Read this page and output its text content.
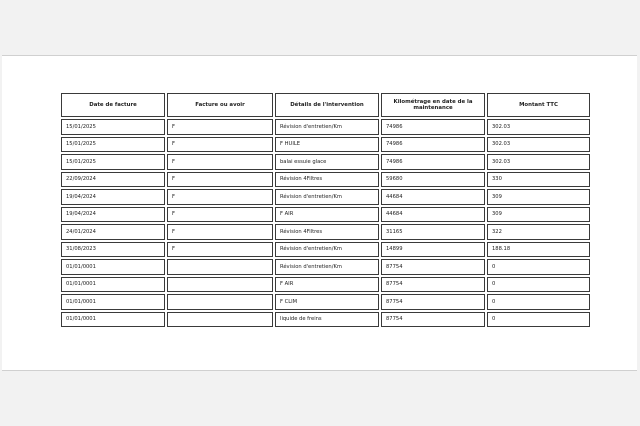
Date de facture	Facture ou avoir	Détails de l'intervention	Kilométrage en date de la maintenance	Montant TTC
15/01/2025	F	Révision d'entretien/Km	74986	302.03
15/01/2025	F	F HUILE	74986	302.03
15/01/2025	F	balai essuie glace	74986	302.03
22/09/2024	F	Révision 4Filtres	59680	330
19/04/2024	F	Révision d'entretien/Km	44684	309
19/04/2024	F	F AIR	44684	309
24/01/2024	F	Révision 4Filtres	31165	322
31/08/2023	F	Révision d'entretien/Km	14899	188.18
01/01/0001		Révision d'entretien/Km	87754	0
01/01/0001		F AIR	87754	0
01/01/0001		F CLIM	87754	0
01/01/0001		liquide de freins	87754	0
